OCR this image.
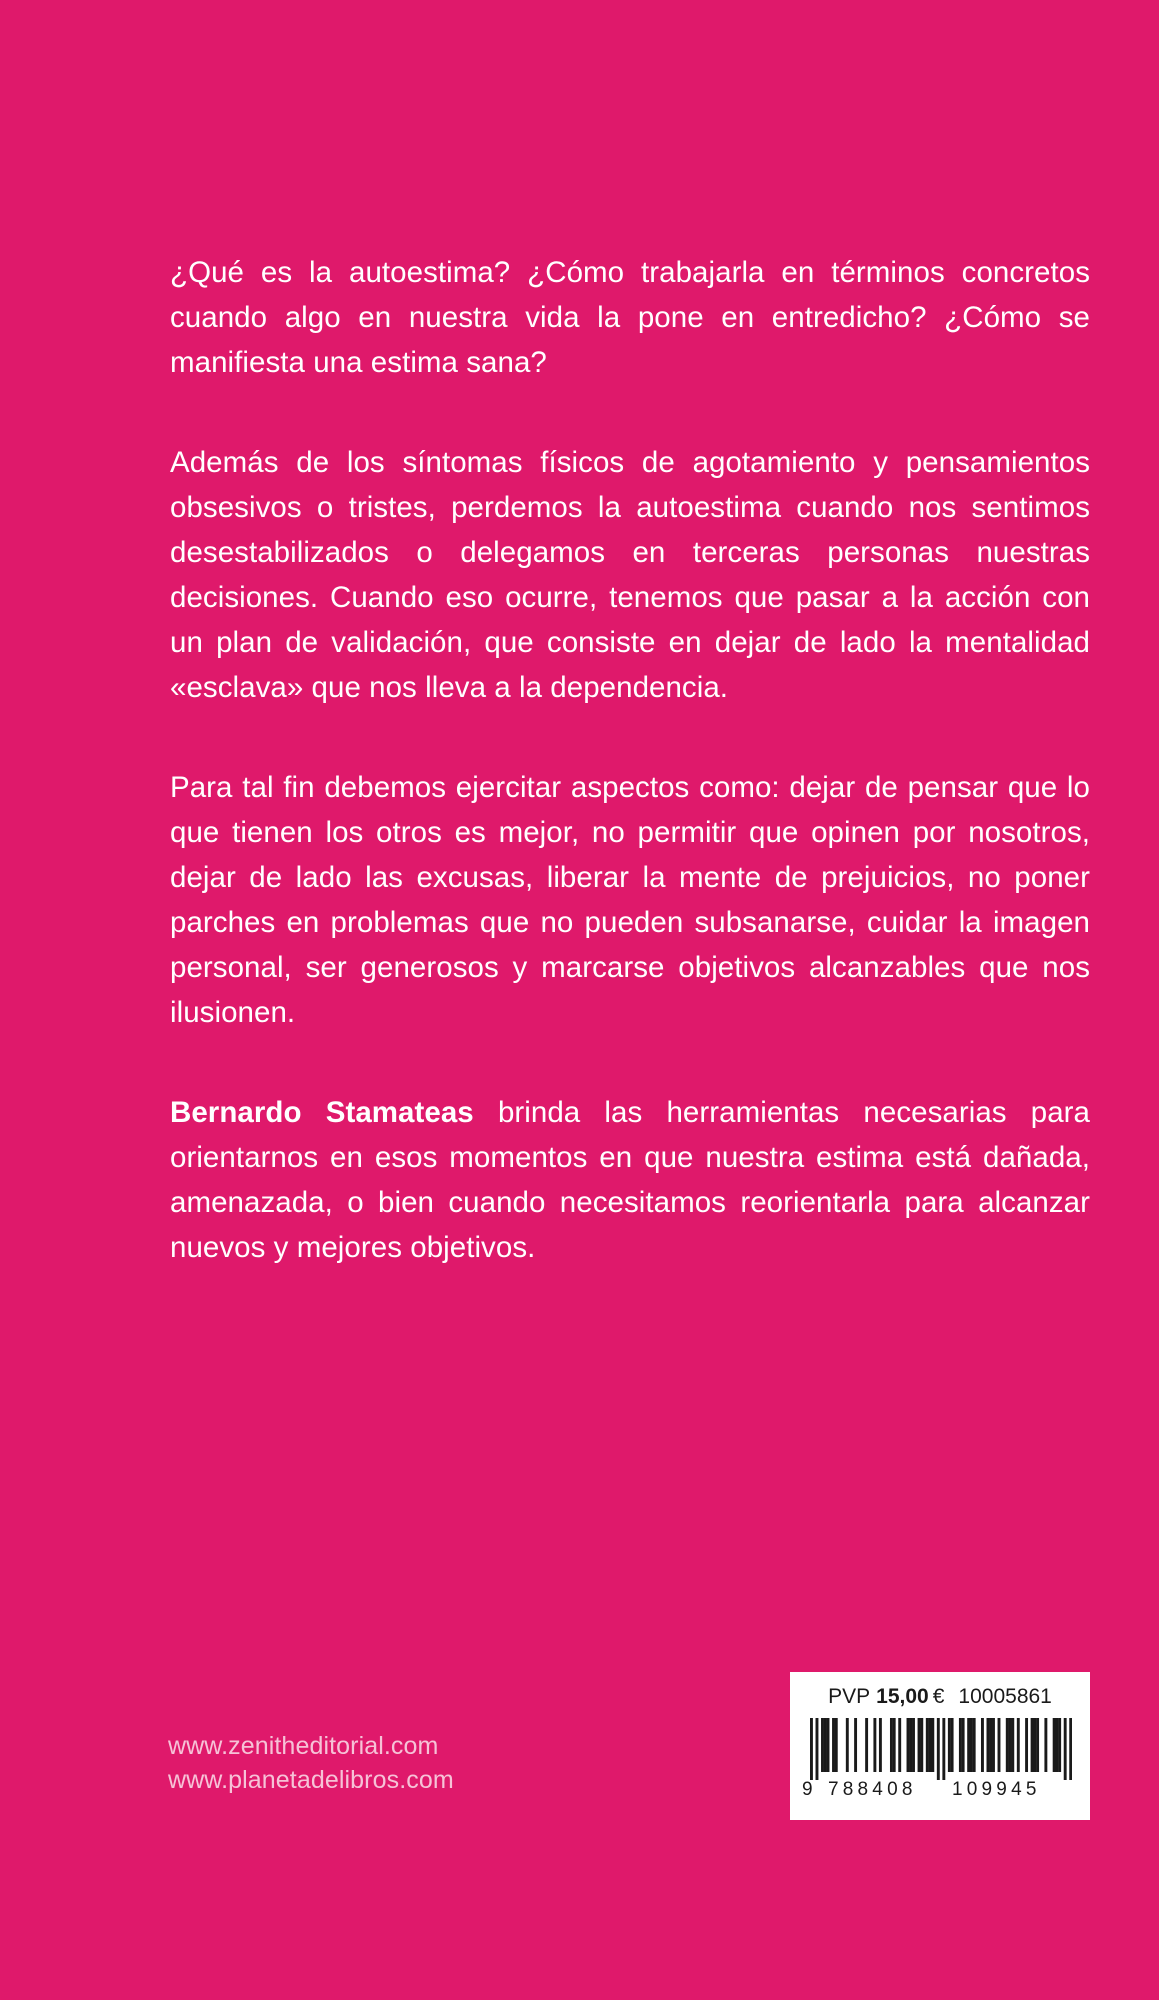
¿Qué es la autoestima? ¿Cómo trabajarla en términos concretos cuando algo en nuestra vida la pone en entredicho? ¿Cómo se manifiesta una estima sana?

Además de los síntomas físicos de agotamiento y pensamientos obsesivos o tristes, perdemos la autoestima cuando nos sentimos desestabilizados o delegamos en terceras personas nuestras decisiones. Cuando eso ocurre, tenemos que pasar a la acción con un plan de validación, que consiste en dejar de lado la mentalidad «esclava» que nos lleva a la dependencia.

Para tal fin debemos ejercitar aspectos como: dejar de pensar que lo que tienen los otros es mejor, no permitir que opinen por nosotros, dejar de lado las excusas, liberar la mente de prejuicios, no poner parches en problemas que no pueden subsanarse, cuidar la imagen personal, ser generosos y marcarse objetivos alcanzables que nos ilusionen.

Bernardo Stamateas brinda las herramientas necesarias para orientarnos en esos momentos en que nuestra estima está dañada, amenazada, o bien cuando necesitamos reorientarla para alcanzar nuevos y mejores objetivos.

www.zenitheditorial.com
www.planetadelibros.com
PVP 15,00 € 10005861
9 788408 109945
